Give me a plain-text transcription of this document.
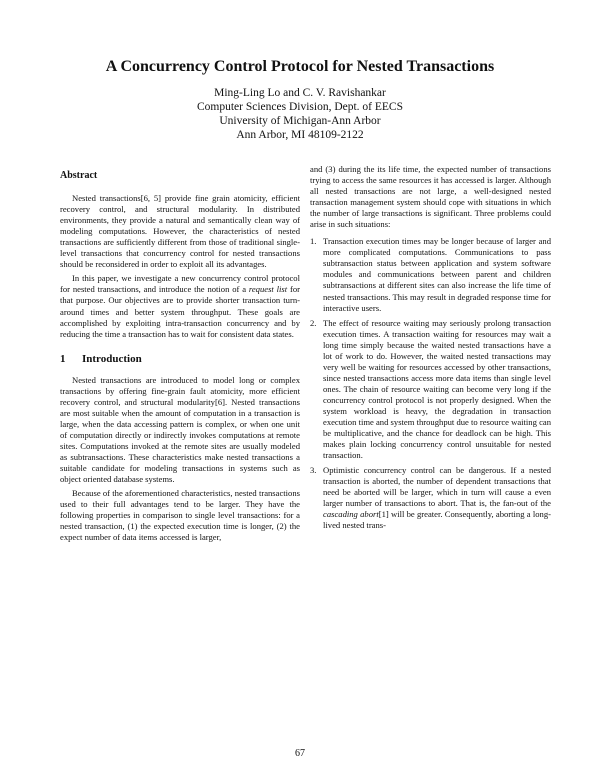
A Concurrency Control Protocol for Nested Transactions
Ming-Ling Lo and C. V. Ravishankar
Computer Sciences Division, Dept. of EECS
University of Michigan-Ann Arbor
Ann Arbor, MI 48109-2122
Abstract

Nested transactions[6, 5] provide fine grain atomicity, efficient recovery control, and structural modularity. In distributed environments, they provide a natural and semantically clean way of modeling computations. However, the characteristics of nested transactions are sufficiently different from those of traditional single-level transactions that concurrency control for nested transactions should be reconsidered in order to exploit all its advantages.

In this paper, we investigate a new concurrency control protocol for nested transactions, and introduce the notion of a request list for that purpose. Our objectives are to provide shorter transaction turn-around times and better system throughput. These goals are accomplished by exploiting intra-transaction concurrency and by reducing the time a transaction has to wait for consistent data states.

1 Introduction

Nested transactions are introduced to model long or complex transactions by offering fine-grain fault atomicity, more efficient recovery control, and structural modularity[6]. Nested transactions are most suitable when the amount of computation in a transaction is large, when the data accessing pattern is complex, or when one unit of computation directly or indirectly invokes computations at remote sites. Computations invoked at the remote sites are usually modeled as subtransactions. These characteristics make nested transactions a suitable candidate for modeling transactions in systems such as object oriented database systems.

Because of the aforementioned characteristics, nested transactions used to their full advantages tend to be larger. They have the following properties in comparison to single level transactions: for a nested transaction, (1) the expected execution time is longer, (2) the expect number of data items accessed is larger,

and (3) during the its life time, the expected number of transactions trying to access the same resources it has accessed is larger. Although all nested transactions are not large, a well-designed nested transaction management system should cope with situations in which the number of large transactions is significant. Three problems could arise in such situations:

1. Transaction execution times may be longer because of larger and more complicated computations. Communications to pass subtransaction status between application and system software modules and communications between parent and children subtransactions at different sites can also increase the life time of nested transactions. This may result in degraded response time for interactive users.
2. The effect of resource waiting may seriously prolong transaction execution times. A transaction waiting for resources may wait a long time simply because the waited nested transactions have a lot of work to do. However, the waited nested transactions may very well be waiting for resources accessed by other transactions, since nested transactions access more data items than single level ones. The chain of resource waiting can become very long if the concurrency control protocol is not properly designed. When the system workload is heavy, the degradation in transaction execution time and system throughput due to resource waiting can be multiplicative, and the chance for deadlock can be high. This makes plain locking concurrency control unsuitable for nested transaction.
3. Optimistic concurrency control can be dangerous. If a nested transaction is aborted, the number of dependent transactions that need be aborted will be larger, which in turn will cause a even larger number of transactions to abort. That is, the fan-out of the cascading abort[1] will be greater. Consequently, aborting a long-lived nested trans-
67
